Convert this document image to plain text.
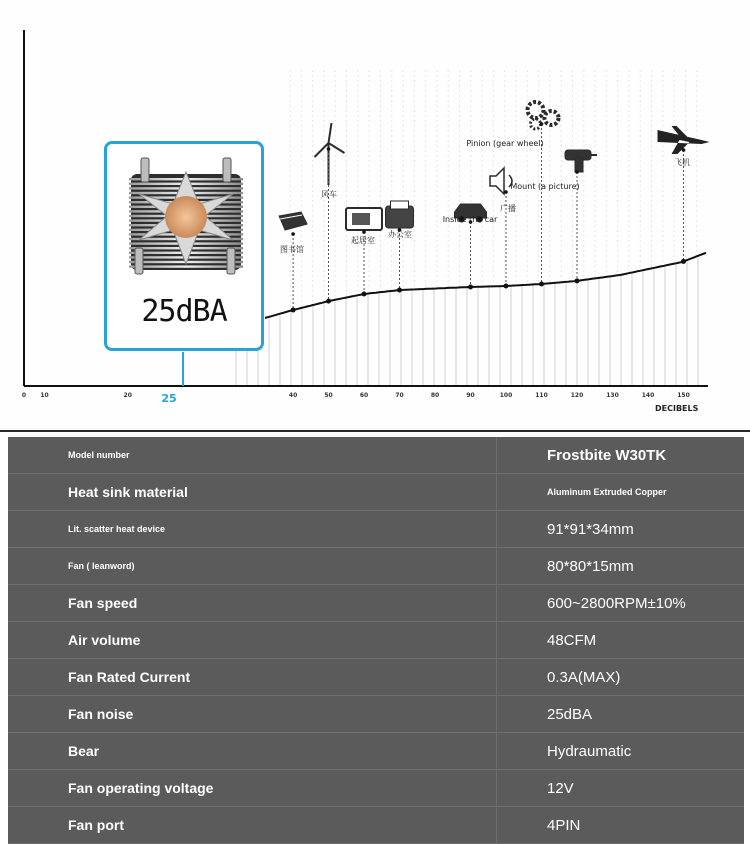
图书馆
风车
起居室
办公室
Inside the car
广播
Pinion (gear wheel)
Mount (a picture)
飞机
0 10	20	25	40	50	60	70	80	90	100	110	120	130	140	150
DECIBELS
25dBA
Model number	Frostbite W30TK
Heat sink material	Aluminum Extruded Copper
Lit. scatter heat device	91*91*34mm
Fan ( leanword)	80*80*15mm
Fan speed	600~2800RPM±10%
Air volume	48CFM
Fan Rated Current	0.3A(MAX)
Fan noise	25dBA
Bear	Hydraumatic
Fan operating voltage	12V
Fan port	4PIN
